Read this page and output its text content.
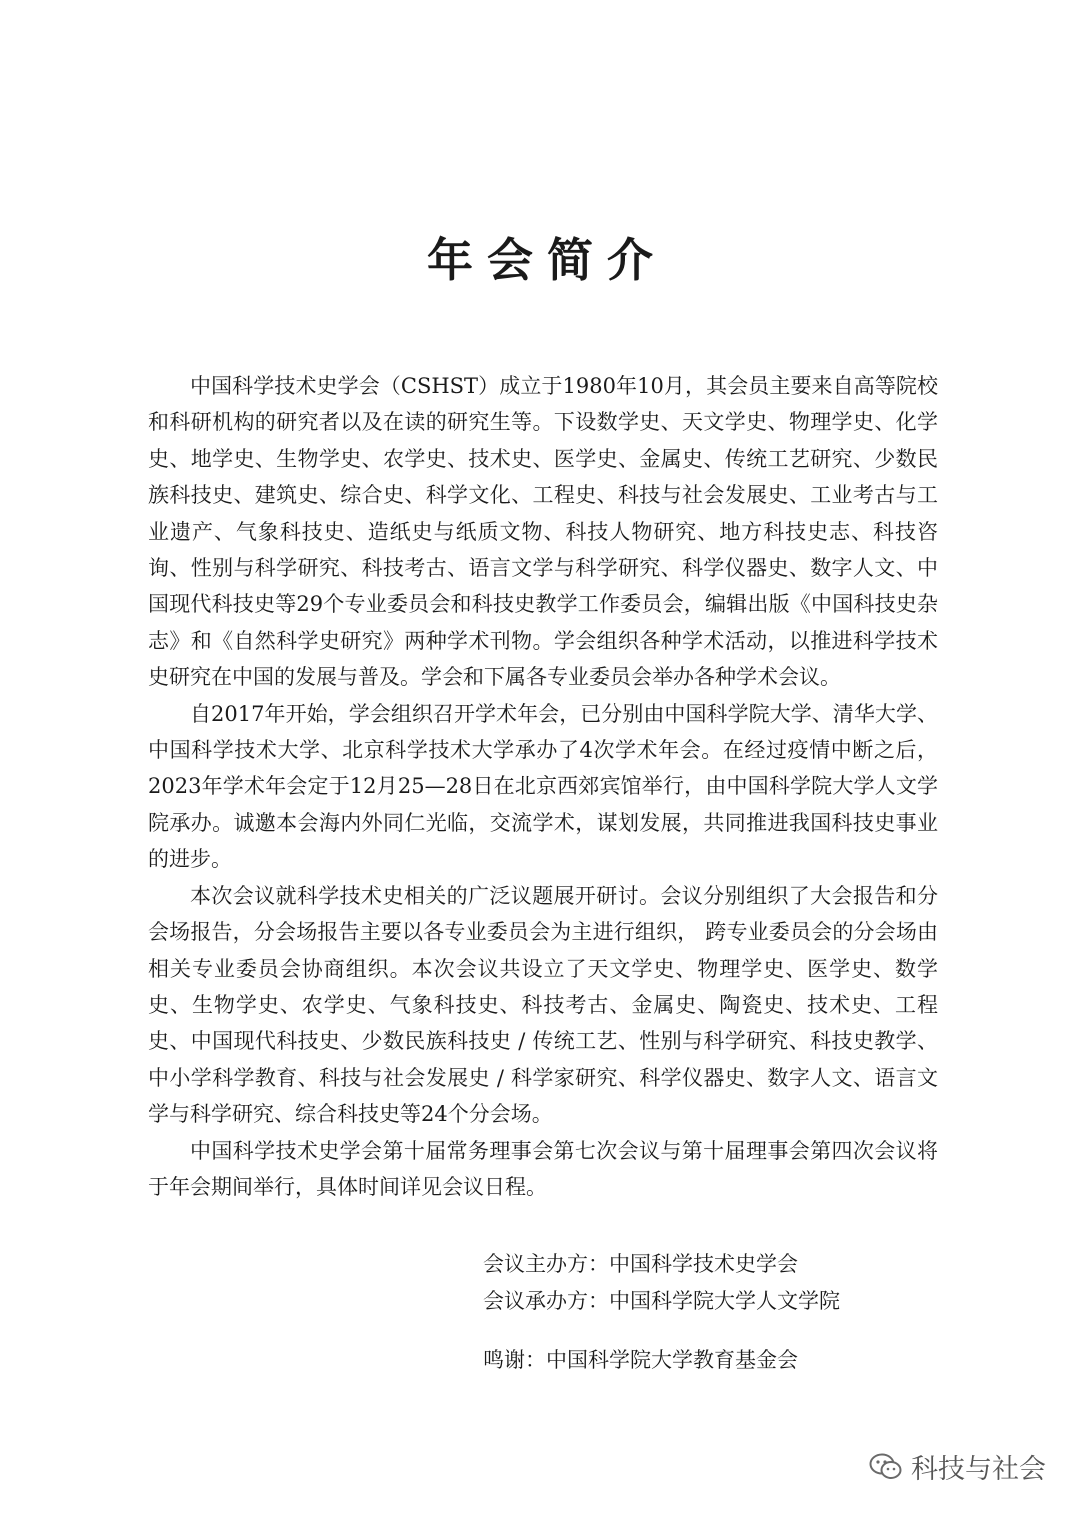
年会简介

中国科学技术史学会（CSHST）成立于1980年10月，其会员主要来自高等院校和科研机构的研究者以及在读的研究生等。下设数学史、天文学史、物理学史、化学史、地学史、生物学史、农学史、技术史、医学史、金属史、传统工艺研究、少数民族科技史、建筑史、综合史、科学文化、工程史、科技与社会发展史、工业考古与工业遗产、气象科技史、造纸史与纸质文物、科技人物研究、地方科技史志、科技咨询、性别与科学研究、科技考古、语言文学与科学研究、科学仪器史、数字人文、中国现代科技史等29个专业委员会和科技史教学工作委员会，编辑出版《中国科技史杂志》和《自然科学史研究》两种学术刊物。学会组织各种学术活动，以推进科学技术史研究在中国的发展与普及。学会和下属各专业委员会举办各种学术会议。

自2017年开始，学会组织召开学术年会，已分别由中国科学院大学、清华大学、中国科学技术大学、北京科学技术大学承办了4次学术年会。在经过疫情中断之后，2023年学术年会定于12月25—28日在北京西郊宾馆举行，由中国科学院大学人文学院承办。诚邀本会海内外同仁光临，交流学术，谋划发展，共同推进我国科技史事业的进步。

本次会议就科学技术史相关的广泛议题展开研讨。会议分别组织了大会报告和分会场报告，分会场报告主要以各专业委员会为主进行组织， 跨专业委员会的分会场由相关专业委员会协商组织。本次会议共设立了天文学史、物理学史、医学史、数学史、生物学史、农学史、气象科技史、科技考古、金属史、陶瓷史、技术史、工程史、中国现代科技史、少数民族科技史 / 传统工艺、性别与科学研究、科技史教学、中小学科学教育、科技与社会发展史 / 科学家研究、科学仪器史、数字人文、语言文学与科学研究、综合科技史等24个分会场。

中国科学技术史学会第十届常务理事会第七次会议与第十届理事会第四次会议将于年会期间举行，具体时间详见会议日程。

会议主办方：中国科学技术史学会
会议承办方：中国科学院大学人文学院
鸣谢：中国科学院大学教育基金会
科技与社会
